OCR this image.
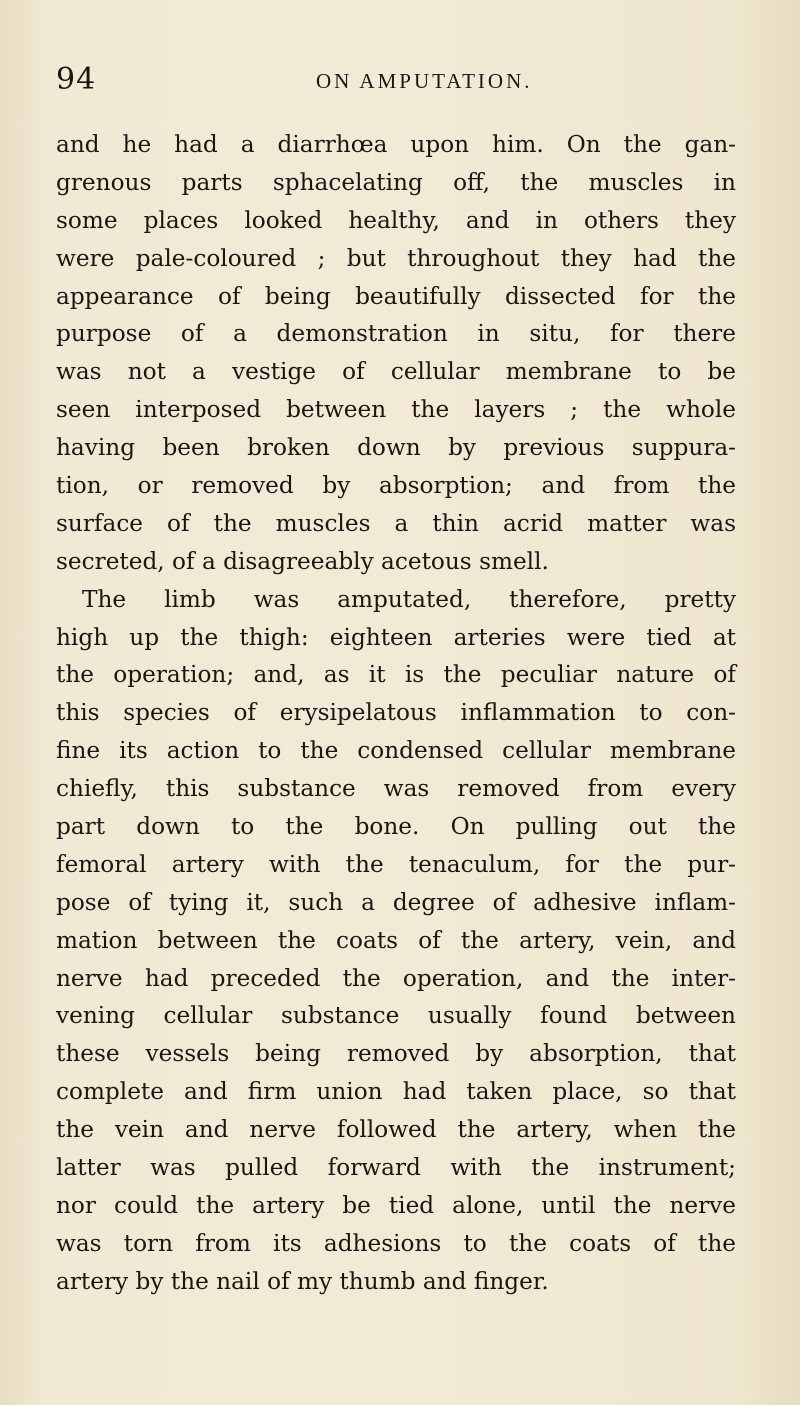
94	ON AMPUTATION.
and he had a diarrhœa upon him. On the gan-
grenous parts sphacelating off, the muscles in
some places looked healthy, and in others they
were pale-coloured ; but throughout they had the
appearance of being beautifully dissected for the
purpose of a demonstration in situ, for there
was not a vestige of cellular membrane to be
seen interposed between the layers ; the whole
having been broken down by previous suppura-
tion, or removed by absorption; and from the
surface of the muscles a thin acrid matter was
secreted, of a disagreeably acetous smell.
The limb was amputated, therefore, pretty
high up the thigh: eighteen arteries were tied at
the operation; and, as it is the peculiar nature of
this species of erysipelatous inflammation to con-
fine its action to the condensed cellular membrane
chiefly, this substance was removed from every
part down to the bone. On pulling out the
femoral artery with the tenaculum, for the pur-
pose of tying it, such a degree of adhesive inflam-
mation between the coats of the artery, vein, and
nerve had preceded the operation, and the inter-
vening cellular substance usually found between
these vessels being removed by absorption, that
complete and firm union had taken place, so that
the vein and nerve followed the artery, when the
latter was pulled forward with the instrument;
nor could the artery be tied alone, until the nerve
was torn from its adhesions to the coats of the
artery by the nail of my thumb and finger.
